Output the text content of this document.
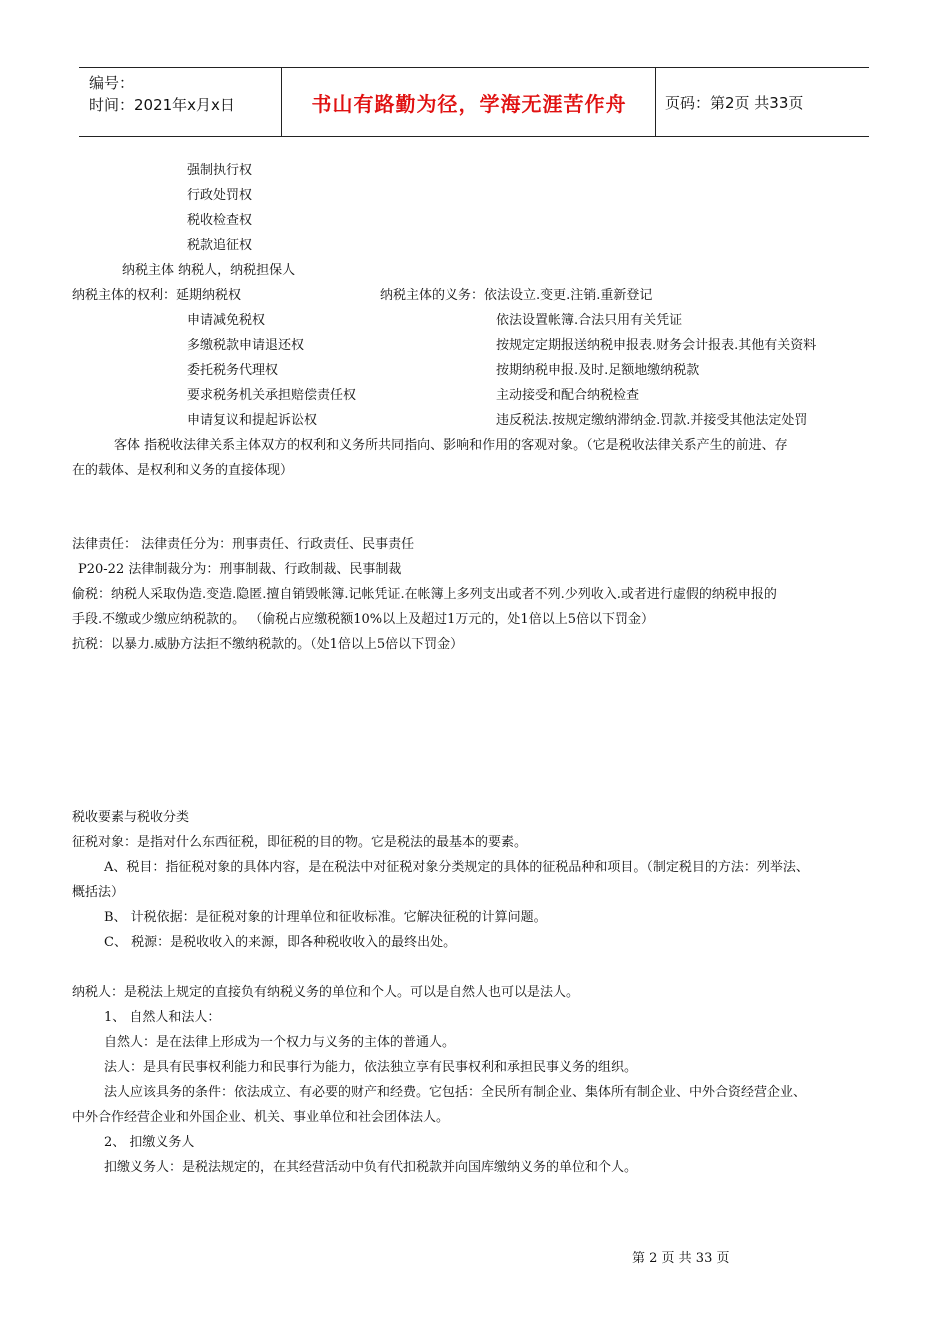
编号：
时间：2021年x月x日	书山有路勤为径，学海无涯苦作舟	页码：第2页 共33页
强制执行权
行政处罚权
税收检查权
税款追征权
纳税主体 纳税人，纳税担保人
纳税主体的权利：延期纳税权	纳税主体的义务：依法设立.变更.注销.重新登记
申请减免税权	依法设置帐簿.合法只用有关凭证
多缴税款申请退还权	按规定定期报送纳税申报表.财务会计报表.其他有关资料
委托税务代理权	按期纳税申报.及时.足额地缴纳税款
要求税务机关承担赔偿责任权	主动接受和配合纳税检查
申请复议和提起诉讼权	违反税法.按规定缴纳滞纳金.罚款.并接受其他法定处罚
客体 指税收法律关系主体双方的权利和义务所共同指向、影响和作用的客观对象。（它是税收法律关系产生的前进、存
在的载体、是权利和义务的直接体现）
法律责任： 法律责任分为：刑事责任、行政责任、民事责任
P20-22 法律制裁分为：刑事制裁、行政制裁、民事制裁
偷税：纳税人采取伪造.变造.隐匿.擅自销毁帐簿.记帐凭证.在帐簿上多列支出或者不列.少列收入.或者进行虚假的纳税申报的
手段.不缴或少缴应纳税款的。 （偷税占应缴税额10%以上及超过1万元的，处1倍以上5倍以下罚金）
抗税：以暴力.威胁方法拒不缴纳税款的。（处1倍以上5倍以下罚金）
税收要素与税收分类
征税对象：是指对什么东西征税，即征税的目的物。它是税法的最基本的要素。
A、税目：指征税对象的具体内容，是在税法中对征税对象分类规定的具体的征税品种和项目。（制定税目的方法：列举法、
概括法）
B、 计税依据：是征税对象的计理单位和征收标准。它解决征税的计算问题。
C、 税源：是税收收入的来源，即各种税收收入的最终出处。
纳税人：是税法上规定的直接负有纳税义务的单位和个人。可以是自然人也可以是法人。
1、 自然人和法人：
自然人：是在法律上形成为一个权力与义务的主体的普通人。
法人：是具有民事权利能力和民事行为能力，依法独立享有民事权利和承担民事义务的组织。
法人应该具务的条件：依法成立、有必要的财产和经费。它包括：全民所有制企业、集体所有制企业、中外合资经营企业、
中外合作经营企业和外国企业、机关、事业单位和社会团体法人。
2、 扣缴义务人
扣缴义务人：是税法规定的，在其经营活动中负有代扣税款并向国库缴纳义务的单位和个人。
第 2 页 共 33 页
